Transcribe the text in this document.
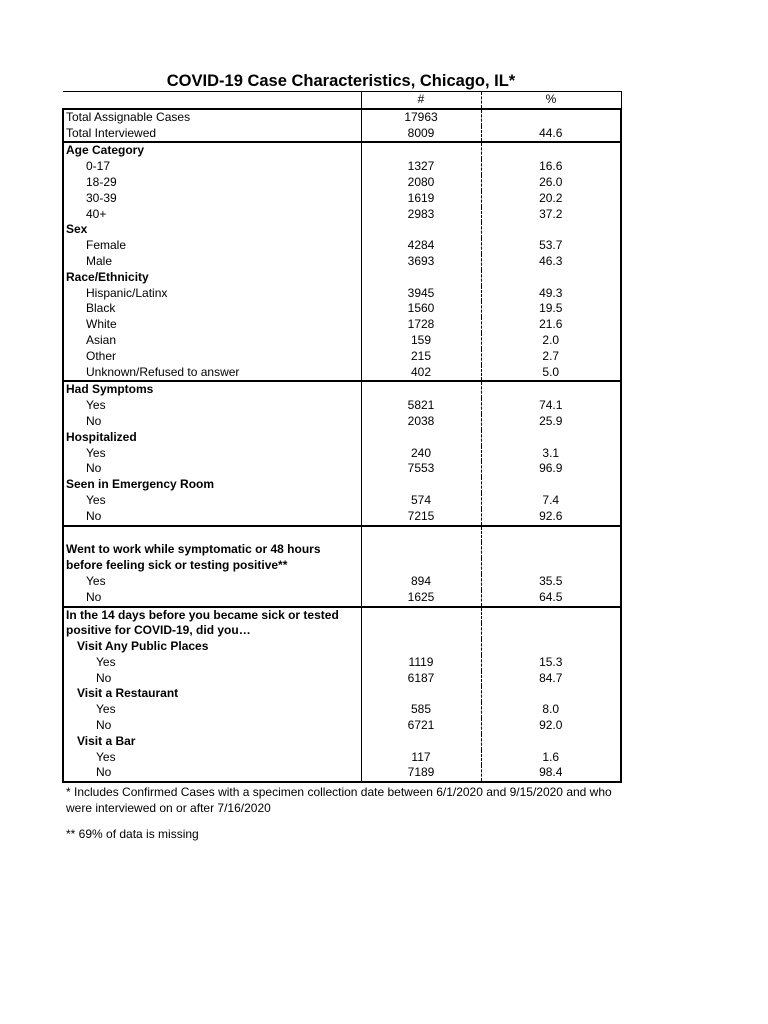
COVID-19 Case Characteristics, Chicago, IL*
	#	%
Total Assignable Cases	17963	
Total Interviewed	8009	44.6
Age Category		
0-17	1327	16.6
18-29	2080	26.0
30-39	1619	20.2
40+	2983	37.2
Sex		
Female	4284	53.7
Male	3693	46.3
Race/Ethnicity		
Hispanic/Latinx	3945	49.3
Black	1560	19.5
White	1728	21.6
Asian	159	2.0
Other	215	2.7
Unknown/Refused to answer	402	5.0
Had Symptoms		
Yes	5821	74.1
No	2038	25.9
Hospitalized		
Yes	240	3.1
No	7553	96.9
Seen in Emergency Room		
Yes	574	7.4
No	7215	92.6

Went to work while symptomatic or 48 hours		
before feeling sick or testing positive**		
Yes	894	35.5
No	1625	64.5
In the 14 days before you became sick or tested		
positive for COVID-19, did you…		
Visit Any Public Places		
Yes	1119	15.3
No	6187	84.7
Visit a Restaurant		
Yes	585	8.0
No	6721	92.0
Visit a Bar		
Yes	117	1.6
No	7189	98.4

* Includes Confirmed Cases with a specimen collection date between 6/1/2020 and 9/15/2020 and who were interviewed on or after 7/16/2020

** 69% of data is missing
